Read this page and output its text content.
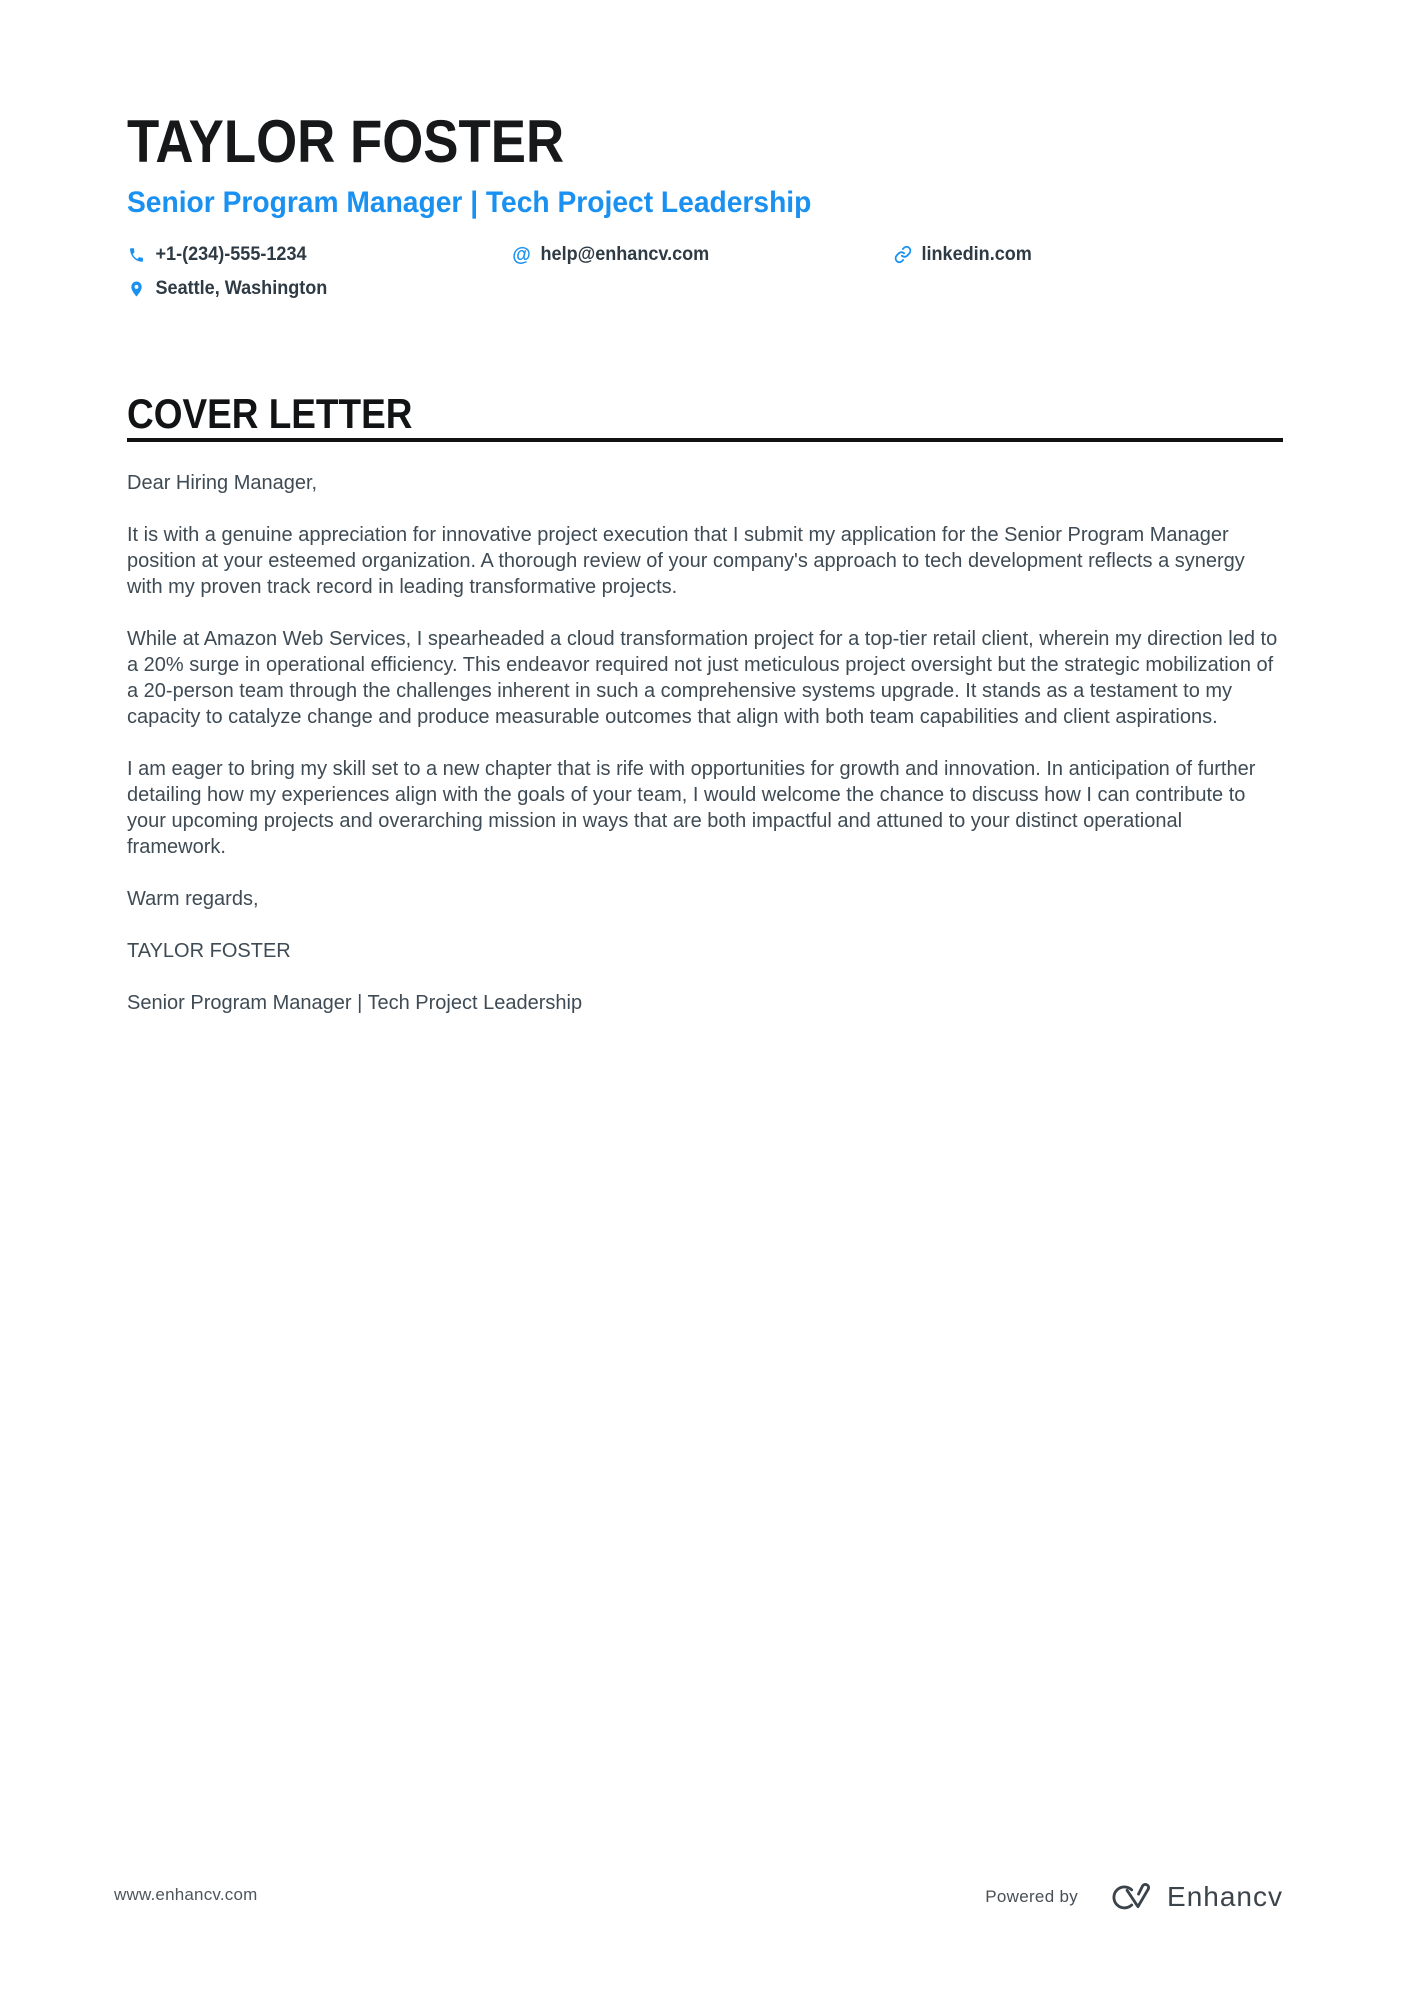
TAYLOR FOSTER
Senior Program Manager | Tech Project Leadership
+1-(234)-555-1234	@ help@enhancv.com	linkedin.com
Seattle, Washington
COVER LETTER

Dear Hiring Manager,

It is with a genuine appreciation for innovative project execution that I submit my application for the Senior Program Manager position at your esteemed organization. A thorough review of your company's approach to tech development reflects a synergy with my proven track record in leading transformative projects.

While at Amazon Web Services, I spearheaded a cloud transformation project for a top-tier retail client, wherein my direction led to a 20% surge in operational efficiency. This endeavor required not just meticulous project oversight but the strategic mobilization of a 20-person team through the challenges inherent in such a comprehensive systems upgrade. It stands as a testament to my capacity to catalyze change and produce measurable outcomes that align with both team capabilities and client aspirations.

I am eager to bring my skill set to a new chapter that is rife with opportunities for growth and innovation. In anticipation of further detailing how my experiences align with the goals of your team, I would welcome the chance to discuss how I can contribute to your upcoming projects and overarching mission in ways that are both impactful and attuned to your distinct operational framework.

Warm regards,

TAYLOR FOSTER

Senior Program Manager | Tech Project Leadership

www.enhancv.com	Powered by	Enhancv
